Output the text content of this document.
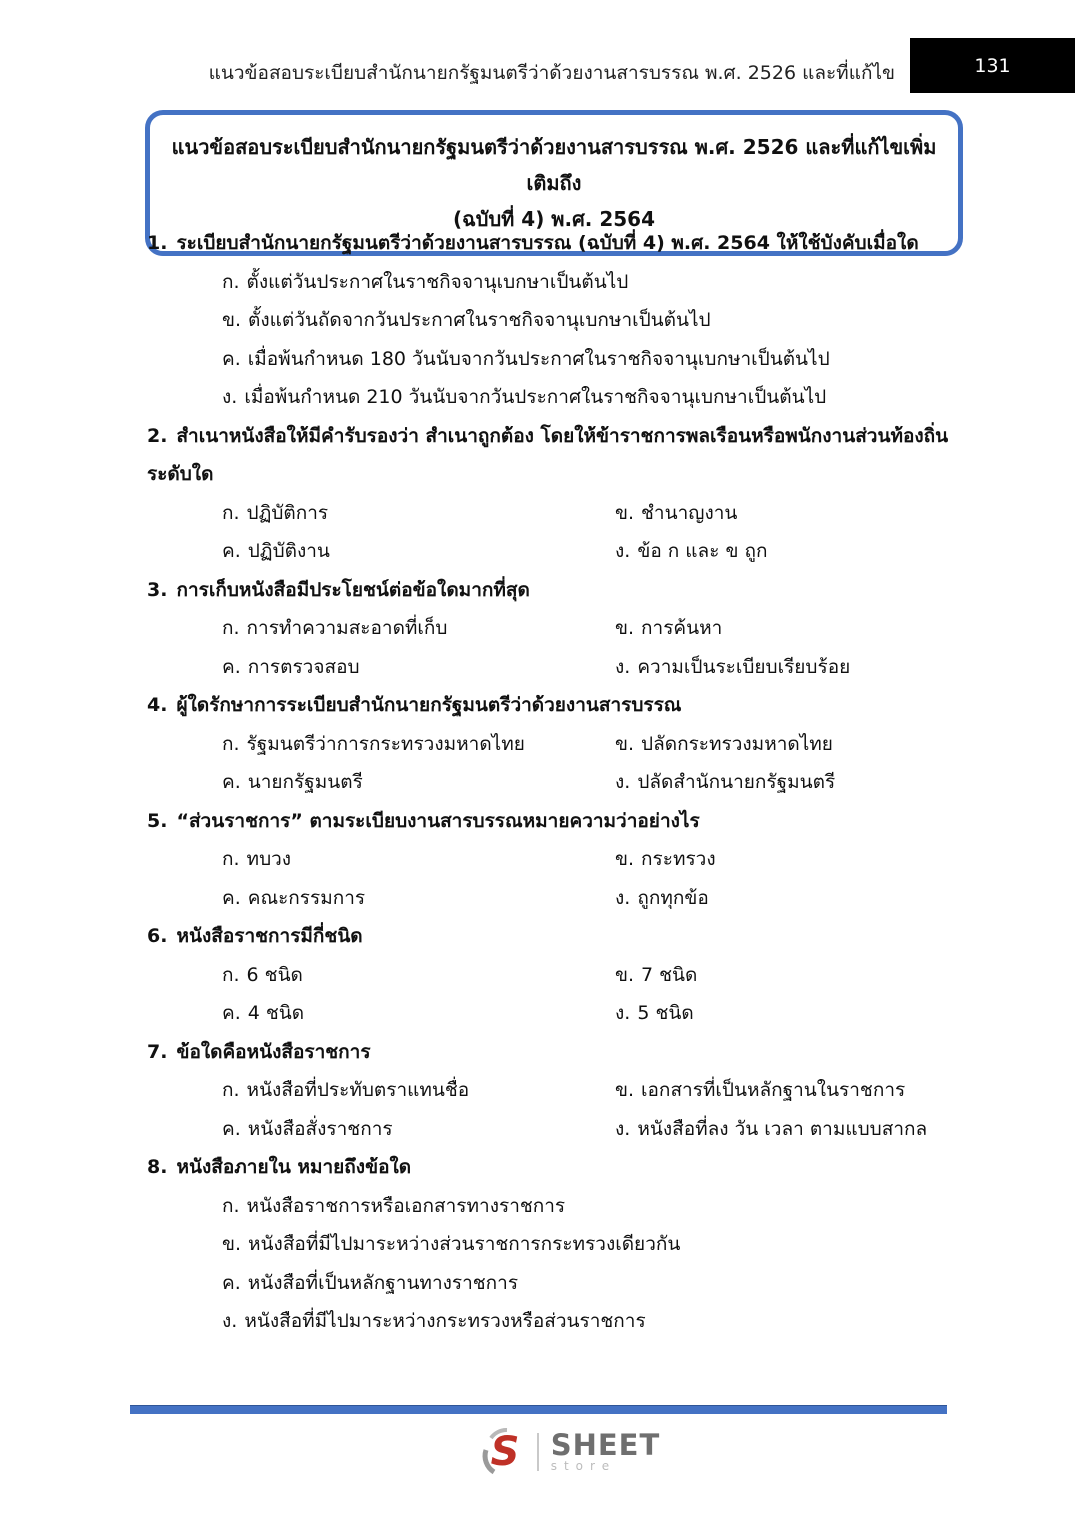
แนวข้อสอบระเบียบสำนักนายกรัฐมนตรีว่าด้วยงานสารบรรณ พ.ศ. 2526 และที่แก้ไข	131
แนวข้อสอบระเบียบสำนักนายกรัฐมนตรีว่าด้วยงานสารบรรณ พ.ศ. 2526 และที่แก้ไขเพิ่มเติมถึง
(ฉบับที่ 4) พ.ศ. 2564
1. ระเบียบสำนักนายกรัฐมนตรีว่าด้วยงานสารบรรณ (ฉบับที่ 4) พ.ศ. 2564 ให้ใช้บังคับเมื่อใด
ก. ตั้งแต่วันประกาศในราชกิจจานุเบกษาเป็นต้นไป
ข. ตั้งแต่วันถัดจากวันประกาศในราชกิจจานุเบกษาเป็นต้นไป
ค. เมื่อพ้นกำหนด 180 วันนับจากวันประกาศในราชกิจจานุเบกษาเป็นต้นไป
ง. เมื่อพ้นกำหนด 210 วันนับจากวันประกาศในราชกิจจานุเบกษาเป็นต้นไป
2. สำเนาหนังสือให้มีคำรับรองว่า สำเนาถูกต้อง โดยให้ข้าราชการพลเรือนหรือพนักงานส่วนท้องถิ่น ระดับใด
ก. ปฏิบัติการ	ข. ชำนาญงาน
ค. ปฏิบัติงาน	ง. ข้อ ก และ ข ถูก
3. การเก็บหนังสือมีประโยชน์ต่อข้อใดมากที่สุด
ก. การทำความสะอาดที่เก็บ	ข. การค้นหา
ค. การตรวจสอบ	ง. ความเป็นระเบียบเรียบร้อย
4. ผู้ใดรักษาการระเบียบสำนักนายกรัฐมนตรีว่าด้วยงานสารบรรณ
ก. รัฐมนตรีว่าการกระทรวงมหาดไทย	ข. ปลัดกระทรวงมหาดไทย
ค. นายกรัฐมนตรี	ง. ปลัดสำนักนายกรัฐมนตรี
5. “ส่วนราชการ” ตามระเบียบงานสารบรรณหมายความว่าอย่างไร
ก. ทบวง	ข. กระทรวง
ค. คณะกรรมการ	ง. ถูกทุกข้อ
6. หนังสือราชการมีกี่ชนิด
ก. 6 ชนิด	ข. 7 ชนิด
ค. 4 ชนิด	ง. 5 ชนิด
7. ข้อใดคือหนังสือราชการ
ก. หนังสือที่ประทับตราแทนชื่อ	ข. เอกสารที่เป็นหลักฐานในราชการ
ค. หนังสือสั่งราชการ	ง. หนังสือที่ลง วัน เวลา ตามแบบสากล
8. หนังสือภายใน หมายถึงข้อใด
ก. หนังสือราชการหรือเอกสารทางราชการ
ข. หนังสือที่มีไปมาระหว่างส่วนราชการกระทรวงเดียวกัน
ค. หนังสือที่เป็นหลักฐานทางราชการ
ง. หนังสือที่มีไปมาระหว่างกระทรวงหรือส่วนราชการ
S SHEET
store
